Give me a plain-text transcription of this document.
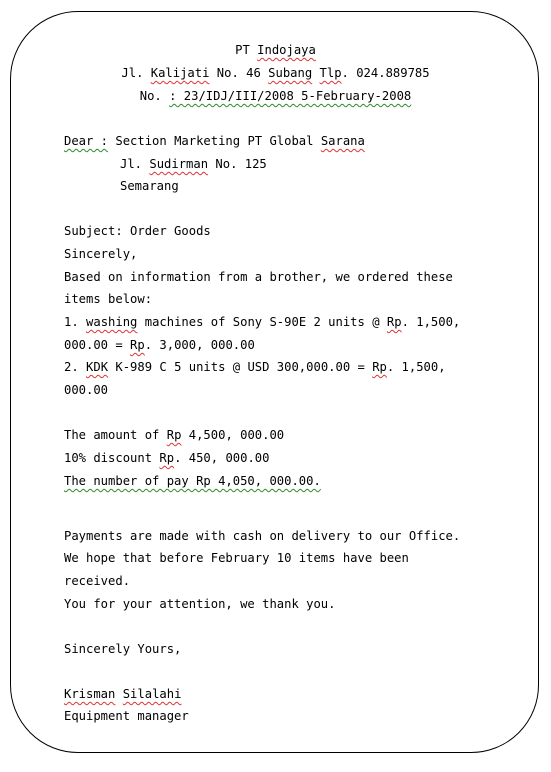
PT Indojaya

Jl. Kalijati No. 46 Subang Tlp. 024.889785

No. : 23/IDJ/III/2008 5-February-2008

Dear : Section Marketing PT Global Sarana

Jl. Sudirman No. 125

Semarang

Subject: Order Goods

Sincerely,

Based on information from a brother, we ordered these

items below:

1. washing machines of Sony S-90E 2 units @ Rp. 1,500,

000.00 = Rp. 3,000, 000.00

2. KDK K-989 C 5 units @ USD 300,000.00 = Rp. 1,500,

000.00

The amount of Rp 4,500, 000.00

10% discount Rp. 450, 000.00

The number of pay Rp 4,050, 000.00.

Payments are made with cash on delivery to our Office.

We hope that before February 10 items have been

received.

You for your attention, we thank you.

Sincerely Yours,

Krisman Silalahi

Equipment manager
